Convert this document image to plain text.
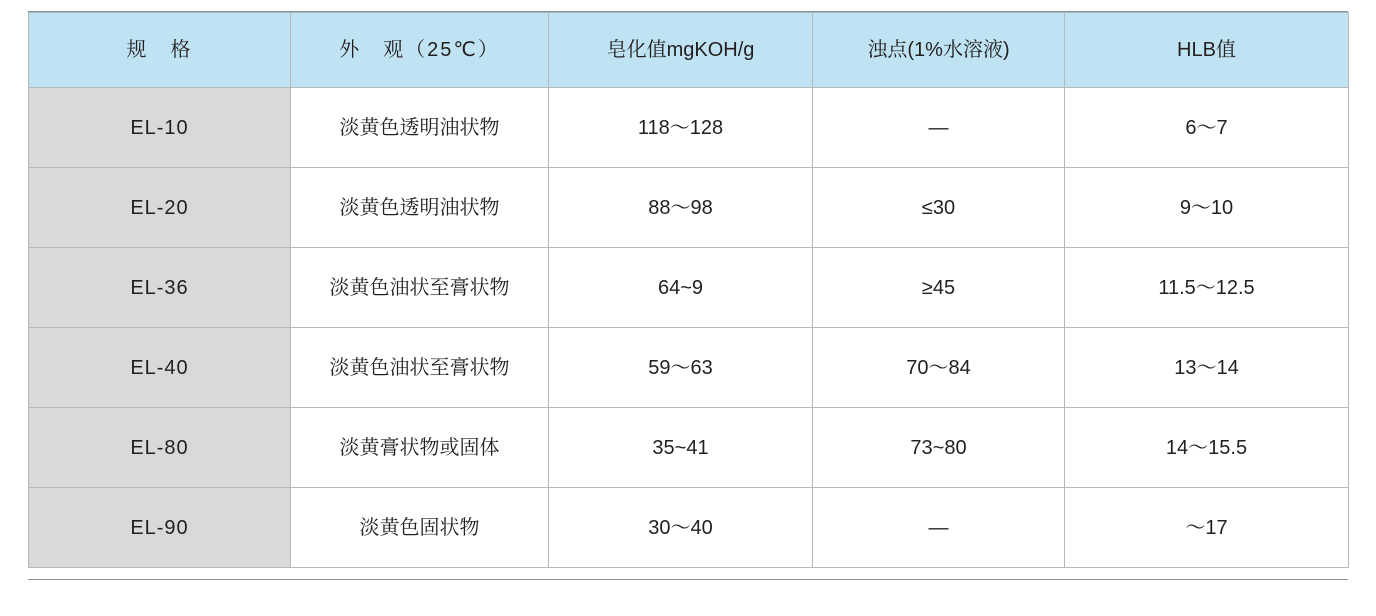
规　格	外　观（25℃）	皂化值mgKOH/g	浊点(1%水溶液)	HLB值
EL-10	淡黄色透明油状物	118～128	—	6～7
EL-20	淡黄色透明油状物	88～98	≤30	9～10
EL-36	淡黄色油状至膏状物	64~9	≥45	11.5～12.5
EL-40	淡黄色油状至膏状物	59～63	70～84	13～14
EL-80	淡黄膏状物或固体	35~41	73~80	14～15.5
EL-90	淡黄色固状物	30～40	—	～17
